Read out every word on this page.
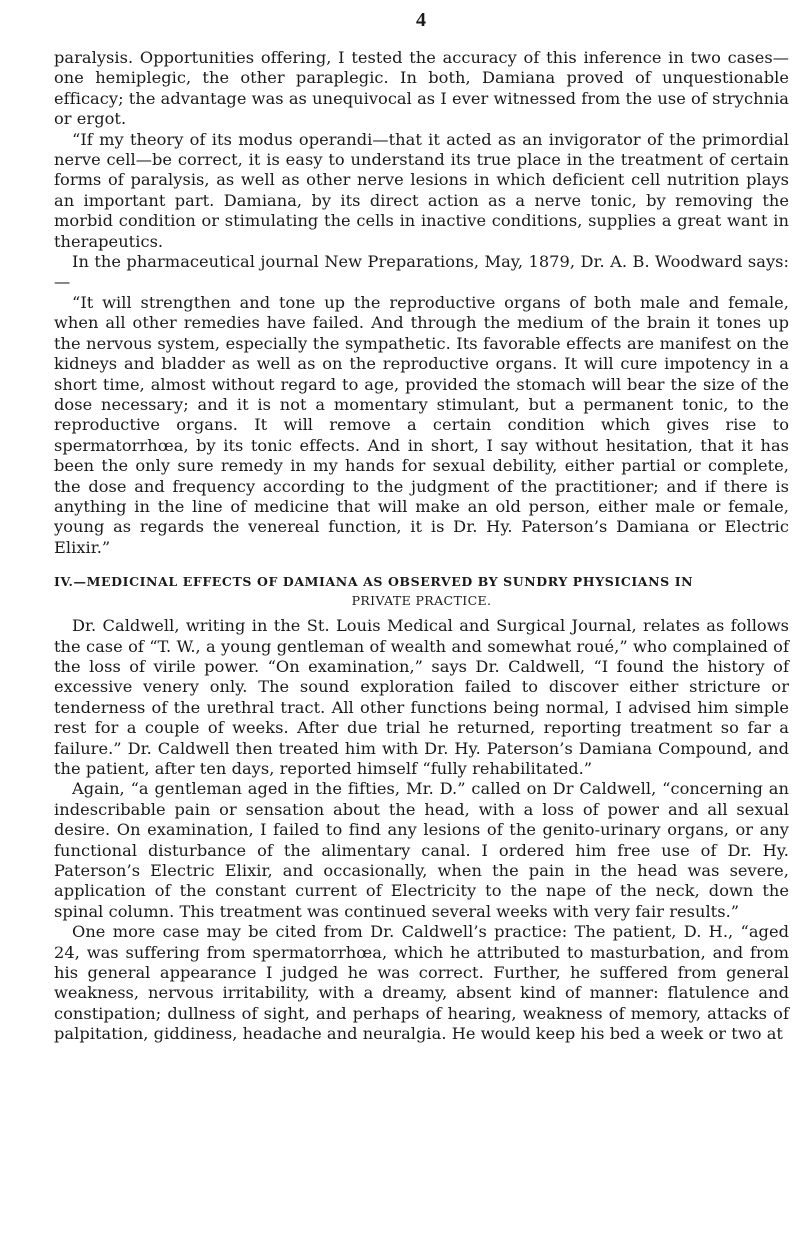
4

paralysis. Opportunities offering, I tested the accuracy of this inference in two cases—one hemiplegic, the other paraplegic. In both, Damiana proved of unquestionable efficacy; the advantage was as unequivocal as I ever witnessed from the use of strychnia or ergot.

“If my theory of its modus operandi—that it acted as an invigorator of the primordial nerve cell—be correct, it is easy to understand its true place in the treatment of certain forms of paralysis, as well as other nerve lesions in which deficient cell nutrition plays an important part. Damiana, by its direct action as a nerve tonic, by removing the morbid condition or stimulating the cells in inactive conditions, supplies a great want in therapeutics.

In the pharmaceutical journal New Preparations, May, 1879, Dr. A. B. Woodward says:—

“It will strengthen and tone up the reproductive organs of both male and female, when all other remedies have failed. And through the medium of the brain it tones up the nervous system, especially the sympathetic. Its favorable effects are manifest on the kidneys and bladder as well as on the reproductive organs. It will cure impotency in a short time, almost without regard to age, provided the stomach will bear the size of the dose necessary; and it is not a momentary stimulant, but a permanent tonic, to the reproductive organs. It will remove a certain condition which gives rise to spermatorrhœa, by its tonic effects. And in short, I say without hesitation, that it has been the only sure remedy in my hands for sexual debility, either partial or complete, the dose and frequency according to the judgment of the practitioner; and if there is anything in the line of medicine that will make an old person, either male or female, young as regards the venereal function, it is Dr. Hy. Paterson’s Damiana or Electric Elixir.”

IV.—MEDICINAL EFFECTS OF DAMIANA AS OBSERVED BY SUNDRY PHYSICIANS IN
PRIVATE PRACTICE.

Dr. Caldwell, writing in the St. Louis Medical and Surgical Journal, relates as follows the case of “T. W., a young gentleman of wealth and somewhat roué,” who complained of the loss of virile power. “On examination,” says Dr. Caldwell, “I found the history of excessive venery only. The sound exploration failed to discover either stricture or tenderness of the urethral tract. All other functions being normal, I advised him simple rest for a couple of weeks. After due trial he returned, reporting treatment so far a failure.” Dr. Caldwell then treated him with Dr. Hy. Paterson’s Damiana Compound, and the patient, after ten days, reported himself “fully rehabilitated.”

Again, “a gentleman aged in the fifties, Mr. D.” called on Dr Caldwell, “concerning an indescribable pain or sensation about the head, with a loss of power and all sexual desire. On examination, I failed to find any lesions of the genito-urinary organs, or any functional disturbance of the alimentary canal. I ordered him free use of Dr. Hy. Paterson’s Electric Elixir, and occasionally, when the pain in the head was severe, application of the constant current of Electricity to the nape of the neck, down the spinal column. This treatment was continued several weeks with very fair results.”

One more case may be cited from Dr. Caldwell’s practice: The patient, D. H., “aged 24, was suffering from spermatorrhœa, which he attributed to masturbation, and from his general appearance I judged he was correct. Further, he suffered from general weakness, nervous irritability, with a dreamy, absent kind of manner: flatulence and constipation; dullness of sight, and perhaps of hearing, weakness of memory, attacks of palpitation, giddiness, headache and neuralgia. He would keep his bed a week or two at
